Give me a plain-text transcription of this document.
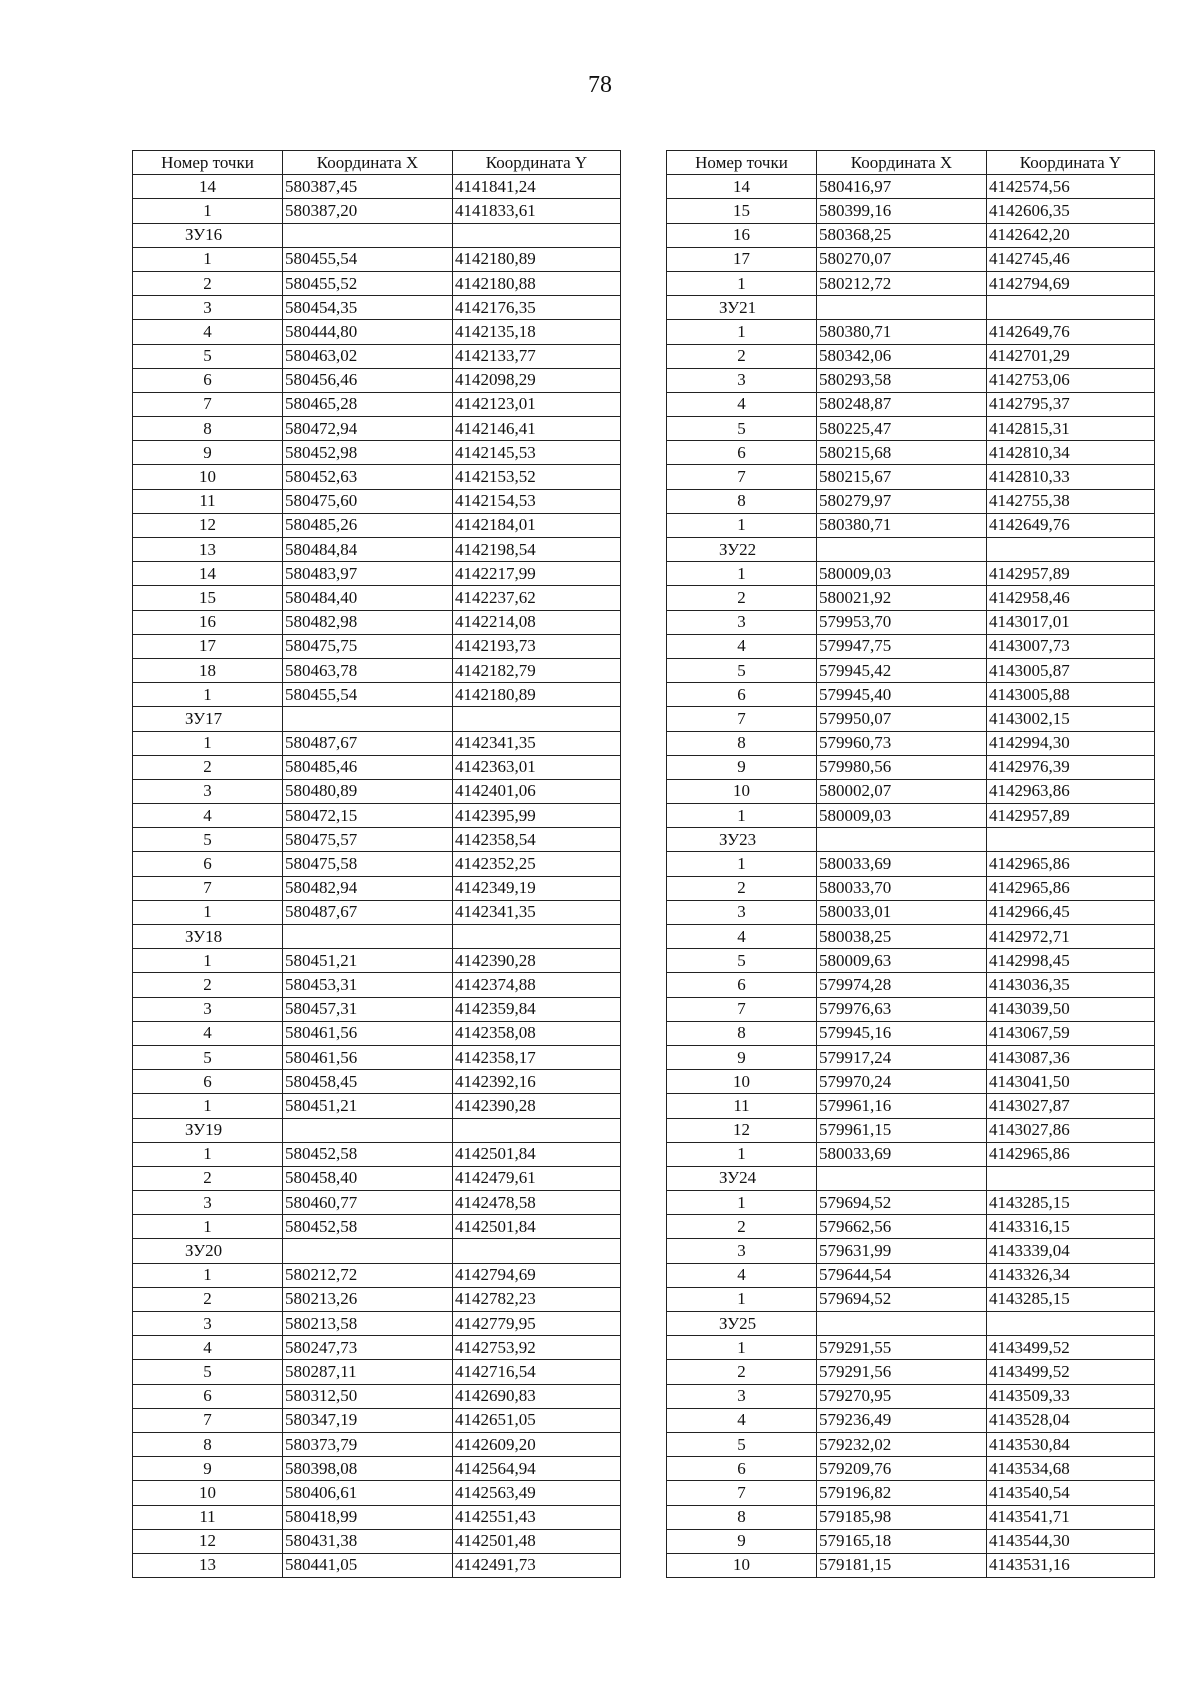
78
Номер точки	Координата X	Координата Y
14	580387,45	4141841,24
1	580387,20	4141833,61
ЗУ16		
1	580455,54	4142180,89
2	580455,52	4142180,88
3	580454,35	4142176,35
4	580444,80	4142135,18
5	580463,02	4142133,77
6	580456,46	4142098,29
7	580465,28	4142123,01
8	580472,94	4142146,41
9	580452,98	4142145,53
10	580452,63	4142153,52
11	580475,60	4142154,53
12	580485,26	4142184,01
13	580484,84	4142198,54
14	580483,97	4142217,99
15	580484,40	4142237,62
16	580482,98	4142214,08
17	580475,75	4142193,73
18	580463,78	4142182,79
1	580455,54	4142180,89
ЗУ17		
1	580487,67	4142341,35
2	580485,46	4142363,01
3	580480,89	4142401,06
4	580472,15	4142395,99
5	580475,57	4142358,54
6	580475,58	4142352,25
7	580482,94	4142349,19
1	580487,67	4142341,35
ЗУ18		
1	580451,21	4142390,28
2	580453,31	4142374,88
3	580457,31	4142359,84
4	580461,56	4142358,08
5	580461,56	4142358,17
6	580458,45	4142392,16
1	580451,21	4142390,28
ЗУ19		
1	580452,58	4142501,84
2	580458,40	4142479,61
3	580460,77	4142478,58
1	580452,58	4142501,84
ЗУ20		
1	580212,72	4142794,69
2	580213,26	4142782,23
3	580213,58	4142779,95
4	580247,73	4142753,92
5	580287,11	4142716,54
6	580312,50	4142690,83
7	580347,19	4142651,05
8	580373,79	4142609,20
9	580398,08	4142564,94
10	580406,61	4142563,49
11	580418,99	4142551,43
12	580431,38	4142501,48
13	580441,05	4142491,73
Номер точки	Координата X	Координата Y
14	580416,97	4142574,56
15	580399,16	4142606,35
16	580368,25	4142642,20
17	580270,07	4142745,46
1	580212,72	4142794,69
ЗУ21		
1	580380,71	4142649,76
2	580342,06	4142701,29
3	580293,58	4142753,06
4	580248,87	4142795,37
5	580225,47	4142815,31
6	580215,68	4142810,34
7	580215,67	4142810,33
8	580279,97	4142755,38
1	580380,71	4142649,76
ЗУ22		
1	580009,03	4142957,89
2	580021,92	4142958,46
3	579953,70	4143017,01
4	579947,75	4143007,73
5	579945,42	4143005,87
6	579945,40	4143005,88
7	579950,07	4143002,15
8	579960,73	4142994,30
9	579980,56	4142976,39
10	580002,07	4142963,86
1	580009,03	4142957,89
ЗУ23		
1	580033,69	4142965,86
2	580033,70	4142965,86
3	580033,01	4142966,45
4	580038,25	4142972,71
5	580009,63	4142998,45
6	579974,28	4143036,35
7	579976,63	4143039,50
8	579945,16	4143067,59
9	579917,24	4143087,36
10	579970,24	4143041,50
11	579961,16	4143027,87
12	579961,15	4143027,86
1	580033,69	4142965,86
ЗУ24		
1	579694,52	4143285,15
2	579662,56	4143316,15
3	579631,99	4143339,04
4	579644,54	4143326,34
1	579694,52	4143285,15
ЗУ25		
1	579291,55	4143499,52
2	579291,56	4143499,52
3	579270,95	4143509,33
4	579236,49	4143528,04
5	579232,02	4143530,84
6	579209,76	4143534,68
7	579196,82	4143540,54
8	579185,98	4143541,71
9	579165,18	4143544,30
10	579181,15	4143531,16
